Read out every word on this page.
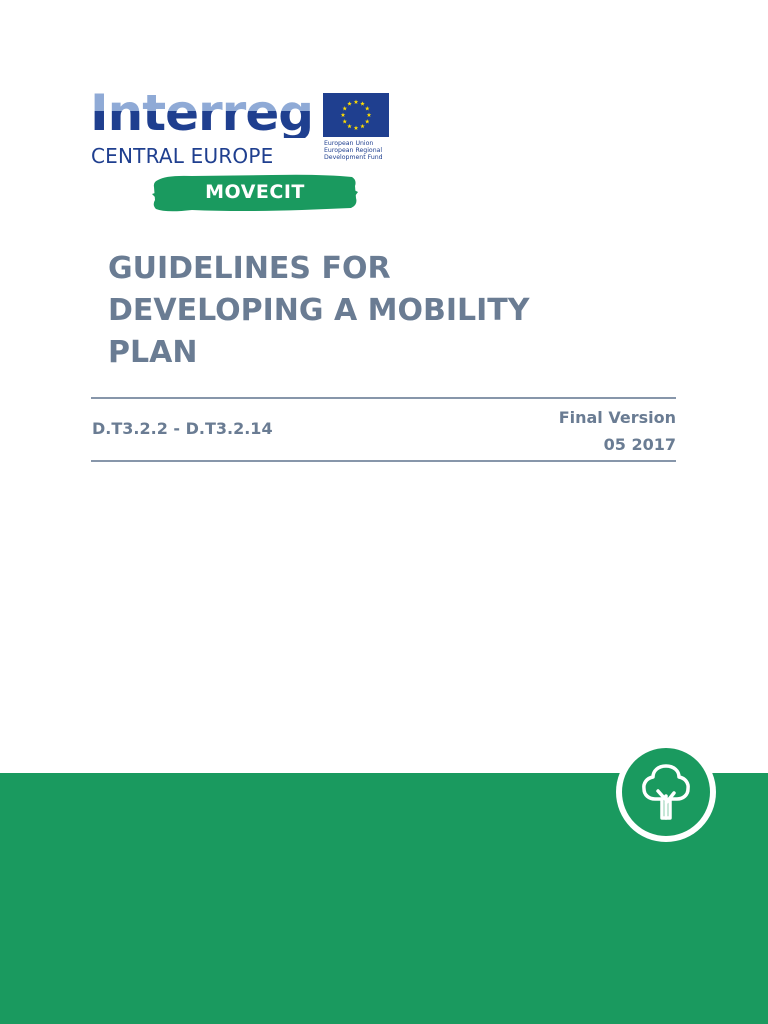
Interreg
CENTRAL EUROPE
European Union
European Regional
Development Fund
MOVECIT
GUIDELINES FOR
DEVELOPING A MOBILITY
PLAN
D.T3.2.2 - D.T3.2.14
Final Version
05 2017
